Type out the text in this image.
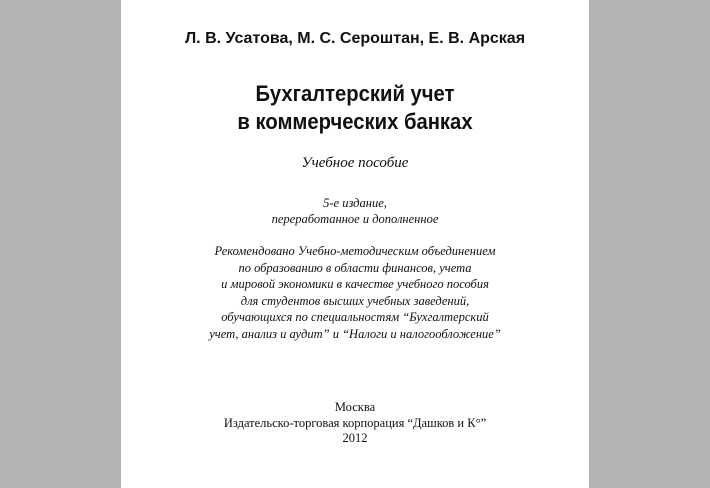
Л. В. Усатова, М. С. Сероштан, Е. В. Арская
Бухгалтерский учет
в коммерческих банках
Учебное пособие
5-е издание,
переработанное и дополненное
Рекомендовано Учебно-методическим объединением
по образованию в области финансов, учета
и мировой экономики в качестве учебного пособия
для студентов высших учебных заведений,
обучающихся по специальностям “Бухгалтерский
учет, анализ и аудит” и “Налоги и налогообложение”
Москва
Издательско-торговая корпорация “Дашков и К°”
2012
